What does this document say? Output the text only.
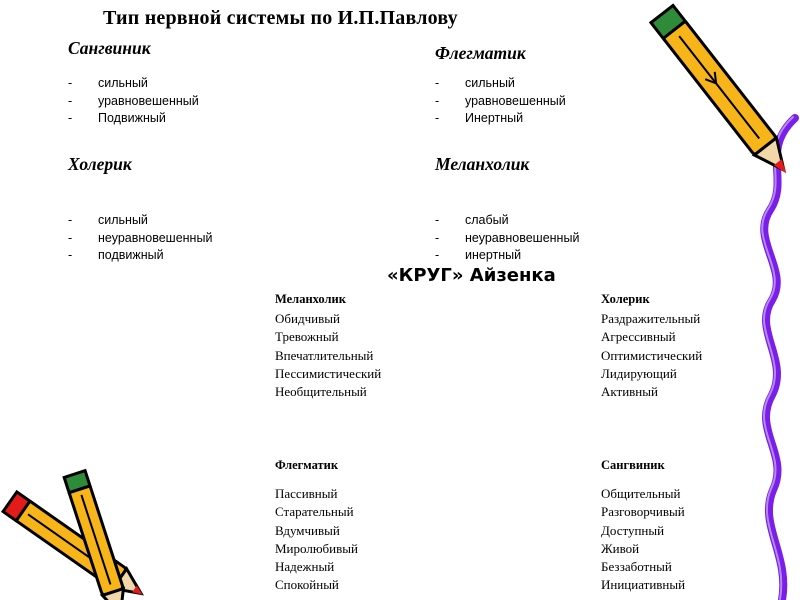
Тип нервной системы по И.П.Павлову
Сангвиник
- сильный
- уравновешенный
- Подвижный
Флегматик
- сильный
- уравновешенный
- Инертный
Холерик
- сильный
- неуравновешенный
- подвижный
Меланхолик
- слабый
- неуравновешенный
- инертный
«КРУГ» Айзенка
Меланхолик
Обидчивый
Тревожный
Впечатлительный
Пессимистический
Необщительный
Холерик
Раздражительный
Агрессивный
Оптимистический
Лидирующий
Активный
Флегматик
Пассивный
Старательный
Вдумчивый
Миролюбивый
Надежный
Спокойный
Сангвиник
Общительный
Разговорчивый
Доступный
Живой
Беззаботный
Инициативный
